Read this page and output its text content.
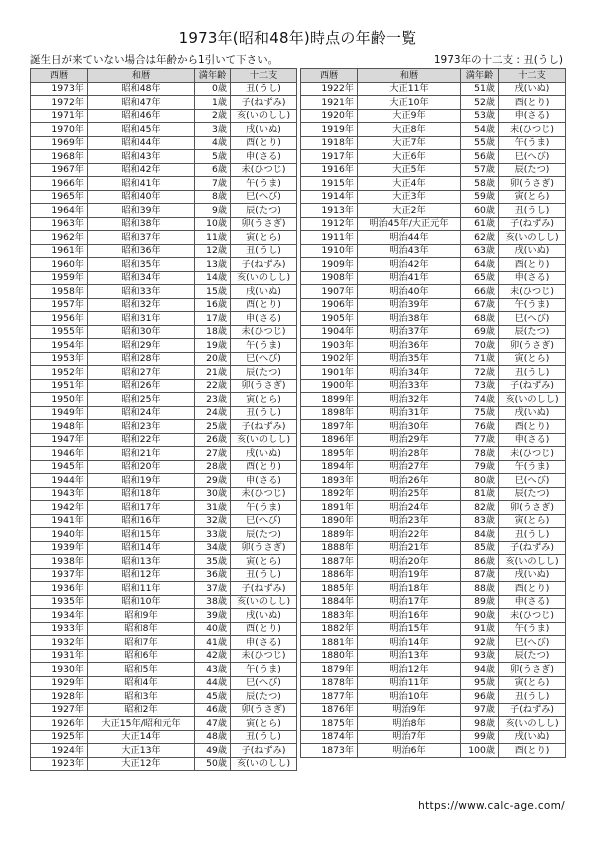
1973年(昭和48年)時点の年齢一覧
誕生日が来ていない場合は年齢から1引いて下さい。	1973年の十二支 : 丑(うし)
西暦	和暦	満年齢	十二支
1973年	昭和48年	0歳	丑(うし)
1972年	昭和47年	1歳	子(ねずみ)
1971年	昭和46年	2歳	亥(いのしし)
1970年	昭和45年	3歳	戌(いぬ)
1969年	昭和44年	4歳	酉(とり)
1968年	昭和43年	5歳	申(さる)
1967年	昭和42年	6歳	未(ひつじ)
1966年	昭和41年	7歳	午(うま)
1965年	昭和40年	8歳	巳(へび)
1964年	昭和39年	9歳	辰(たつ)
1963年	昭和38年	10歳	卯(うさぎ)
1962年	昭和37年	11歳	寅(とら)
1961年	昭和36年	12歳	丑(うし)
1960年	昭和35年	13歳	子(ねずみ)
1959年	昭和34年	14歳	亥(いのしし)
1958年	昭和33年	15歳	戌(いぬ)
1957年	昭和32年	16歳	酉(とり)
1956年	昭和31年	17歳	申(さる)
1955年	昭和30年	18歳	未(ひつじ)
1954年	昭和29年	19歳	午(うま)
1953年	昭和28年	20歳	巳(へび)
1952年	昭和27年	21歳	辰(たつ)
1951年	昭和26年	22歳	卯(うさぎ)
1950年	昭和25年	23歳	寅(とら)
1949年	昭和24年	24歳	丑(うし)
1948年	昭和23年	25歳	子(ねずみ)
1947年	昭和22年	26歳	亥(いのしし)
1946年	昭和21年	27歳	戌(いぬ)
1945年	昭和20年	28歳	酉(とり)
1944年	昭和19年	29歳	申(さる)
1943年	昭和18年	30歳	未(ひつじ)
1942年	昭和17年	31歳	午(うま)
1941年	昭和16年	32歳	巳(へび)
1940年	昭和15年	33歳	辰(たつ)
1939年	昭和14年	34歳	卯(うさぎ)
1938年	昭和13年	35歳	寅(とら)
1937年	昭和12年	36歳	丑(うし)
1936年	昭和11年	37歳	子(ねずみ)
1935年	昭和10年	38歳	亥(いのしし)
1934年	昭和9年	39歳	戌(いぬ)
1933年	昭和8年	40歳	酉(とり)
1932年	昭和7年	41歳	申(さる)
1931年	昭和6年	42歳	未(ひつじ)
1930年	昭和5年	43歳	午(うま)
1929年	昭和4年	44歳	巳(へび)
1928年	昭和3年	45歳	辰(たつ)
1927年	昭和2年	46歳	卯(うさぎ)
1926年	大正15年/昭和元年	47歳	寅(とら)
1925年	大正14年	48歳	丑(うし)
1924年	大正13年	49歳	子(ねずみ)
1923年	大正12年	50歳	亥(いのしし)
西暦	和暦	満年齢	十二支
1922年	大正11年	51歳	戌(いぬ)
1921年	大正10年	52歳	酉(とり)
1920年	大正9年	53歳	申(さる)
1919年	大正8年	54歳	未(ひつじ)
1918年	大正7年	55歳	午(うま)
1917年	大正6年	56歳	巳(へび)
1916年	大正5年	57歳	辰(たつ)
1915年	大正4年	58歳	卯(うさぎ)
1914年	大正3年	59歳	寅(とら)
1913年	大正2年	60歳	丑(うし)
1912年	明治45年/大正元年	61歳	子(ねずみ)
1911年	明治44年	62歳	亥(いのしし)
1910年	明治43年	63歳	戌(いぬ)
1909年	明治42年	64歳	酉(とり)
1908年	明治41年	65歳	申(さる)
1907年	明治40年	66歳	未(ひつじ)
1906年	明治39年	67歳	午(うま)
1905年	明治38年	68歳	巳(へび)
1904年	明治37年	69歳	辰(たつ)
1903年	明治36年	70歳	卯(うさぎ)
1902年	明治35年	71歳	寅(とら)
1901年	明治34年	72歳	丑(うし)
1900年	明治33年	73歳	子(ねずみ)
1899年	明治32年	74歳	亥(いのしし)
1898年	明治31年	75歳	戌(いぬ)
1897年	明治30年	76歳	酉(とり)
1896年	明治29年	77歳	申(さる)
1895年	明治28年	78歳	未(ひつじ)
1894年	明治27年	79歳	午(うま)
1893年	明治26年	80歳	巳(へび)
1892年	明治25年	81歳	辰(たつ)
1891年	明治24年	82歳	卯(うさぎ)
1890年	明治23年	83歳	寅(とら)
1889年	明治22年	84歳	丑(うし)
1888年	明治21年	85歳	子(ねずみ)
1887年	明治20年	86歳	亥(いのしし)
1886年	明治19年	87歳	戌(いぬ)
1885年	明治18年	88歳	酉(とり)
1884年	明治17年	89歳	申(さる)
1883年	明治16年	90歳	未(ひつじ)
1882年	明治15年	91歳	午(うま)
1881年	明治14年	92歳	巳(へび)
1880年	明治13年	93歳	辰(たつ)
1879年	明治12年	94歳	卯(うさぎ)
1878年	明治11年	95歳	寅(とら)
1877年	明治10年	96歳	丑(うし)
1876年	明治9年	97歳	子(ねずみ)
1875年	明治8年	98歳	亥(いのしし)
1874年	明治7年	99歳	戌(いぬ)
1873年	明治6年	100歳	酉(とり)
https://www.calc-age.com/
